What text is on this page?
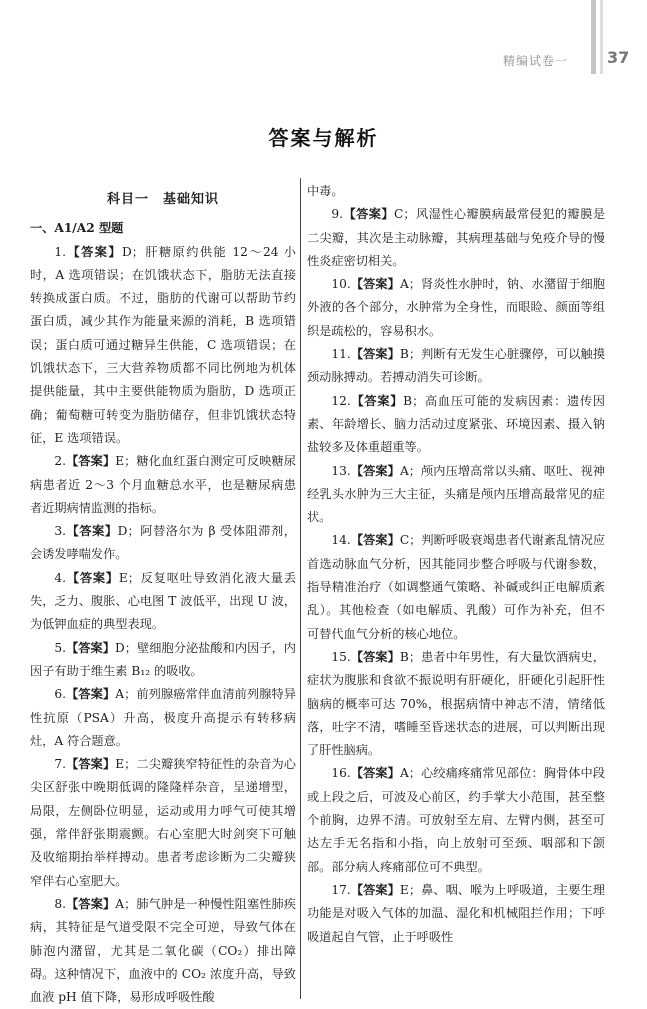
精编试卷一 37
答案与解析
科目一　基础知识

一、A1/A2 型题

1.【答案】D；肝糖原约供能 12～24 小时，A 选项错误；在饥饿状态下，脂肪无法直接转换成蛋白质。不过，脂肪的代谢可以帮助节约蛋白质，减少其作为能量来源的消耗，B 选项错误；蛋白质可通过糖异生供能，C 选项错误；在饥饿状态下，三大营养物质都不同比例地为机体提供能量，其中主要供能物质为脂肪，D 选项正确；葡萄糖可转变为脂肪储存，但非饥饿状态特征，E 选项错误。

2.【答案】E；糖化血红蛋白测定可反映糖尿病患者近 2～3 个月血糖总水平，也是糖尿病患者近期病情监测的指标。

3.【答案】D；阿替洛尔为 β 受体阻滞剂，会诱发哮喘发作。

4.【答案】E；反复呕吐导致消化液大量丢失，乏力、腹胀、心电图 T 波低平，出现 U 波，为低钾血症的典型表现。

5.【答案】D；壁细胞分泌盐酸和内因子，内因子有助于维生素 B₁₂ 的吸收。

6.【答案】A；前列腺癌常伴血清前列腺特异性抗原（PSA）升高，极度升高提示有转移病灶，A 符合题意。

7.【答案】E；二尖瓣狭窄特征性的杂音为心尖区舒张中晚期低调的隆隆样杂音，呈递增型，局限，左侧卧位明显，运动或用力呼气可使其增强，常伴舒张期震颤。右心室肥大时剑突下可触及收缩期抬举样搏动。患者考虑诊断为二尖瓣狭窄伴右心室肥大。

8.【答案】A；肺气肿是一种慢性阻塞性肺疾病，其特征是气道受限不完全可逆，导致气体在肺泡内潴留，尤其是二氧化碳（CO₂）排出障碍。这种情况下，血液中的 CO₂ 浓度升高，导致血液 pH 值下降，易形成呼吸性酸

中毒。

9.【答案】C；风湿性心瓣膜病最常侵犯的瓣膜是二尖瓣，其次是主动脉瓣，其病理基础与免疫介导的慢性炎症密切相关。

10.【答案】A；肾炎性水肿时，钠、水潴留于细胞外液的各个部分，水肿常为全身性，而眼睑、颜面等组织是疏松的，容易积水。

11.【答案】B；判断有无发生心脏骤停，可以触摸颈动脉搏动。若搏动消失可诊断。

12.【答案】B；高血压可能的发病因素：遗传因素、年龄增长、脑力活动过度紧张、环境因素、摄入钠盐较多及体重超重等。

13.【答案】A；颅内压增高常以头痛、呕吐、视神经乳头水肿为三大主征，头痛是颅内压增高最常见的症状。

14.【答案】C；判断呼吸衰竭患者代谢紊乱情况应首选动脉血气分析，因其能同步整合呼吸与代谢参数，指导精准治疗（如调整通气策略、补碱或纠正电解质紊乱）。其他检查（如电解质、乳酸）可作为补充，但不可替代血气分析的核心地位。

15.【答案】B；患者中年男性，有大量饮酒病史，症状为腹胀和食欲不振说明有肝硬化，肝硬化引起肝性脑病的概率可达 70%，根据病情中神志不清，情绪低落，吐字不清，嗜睡至昏迷状态的进展，可以判断出现了肝性脑病。

16.【答案】A；心绞痛疼痛常见部位：胸骨体中段或上段之后，可波及心前区，约手掌大小范围，甚至整个前胸，边界不清。可放射至左肩、左臂内侧，甚至可达左手无名指和小指，向上放射可至颈、咽部和下颌部。部分病人疼痛部位可不典型。

17.【答案】E；鼻、咽、喉为上呼吸道，主要生理功能是对吸入气体的加温、湿化和机械阻拦作用；下呼吸道起自气管，止于呼吸性
